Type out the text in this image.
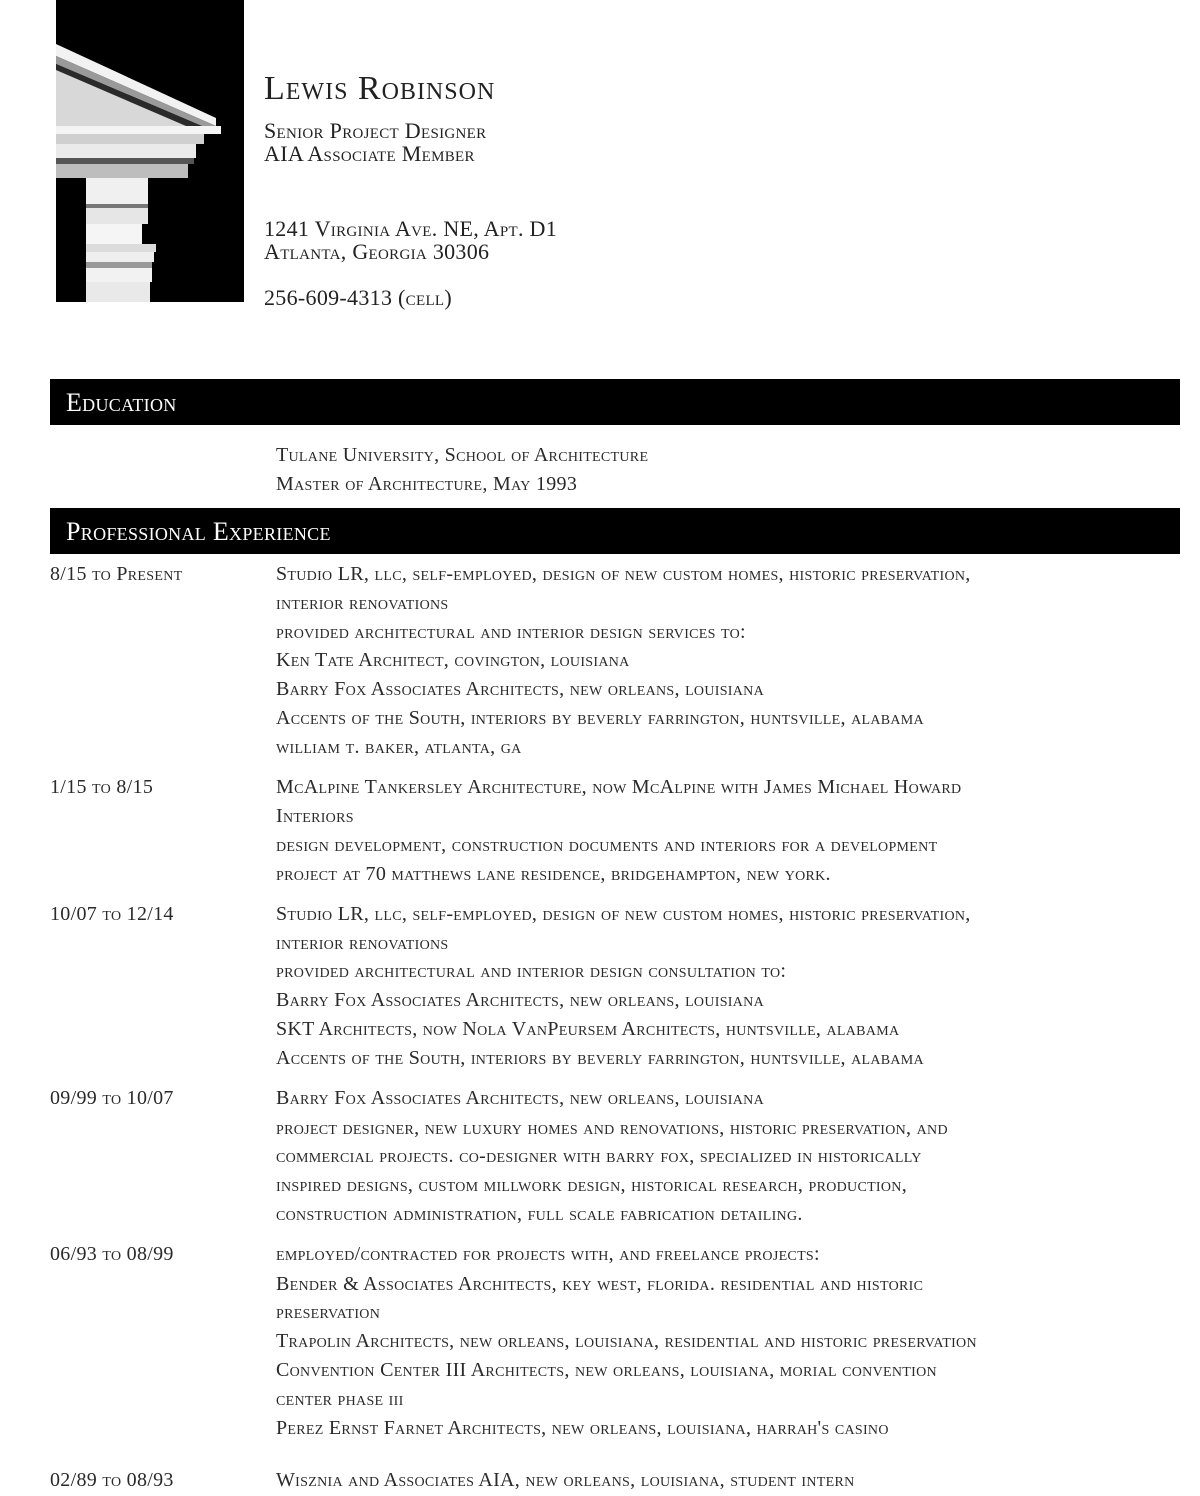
Lewis Robinson
Senior Project Designer
AIA Associate Member
1241 Virginia Ave. NE, Apt. D1
Atlanta, Georgia 30306
256-609-4313 (cell)
Education
Tulane University, School of Architecture
Master of Architecture, May 1993
Professional Experience
8/15 to Present	Studio LR, llc, self-employed, design of new custom homes, historic preservation,
interior renovations
provided architectural and interior design services to:
Ken Tate Architect, covington, louisiana
Barry Fox Associates Architects, new orleans, louisiana
Accents of the South, interiors by beverly farrington, huntsville, alabama
william t. baker, atlanta, ga
1/15 to 8/15	McAlpine Tankersley Architecture, now McAlpine with James Michael Howard
Interiors
design development, construction documents and interiors for a development
project at 70 matthews lane residence, bridgehampton, new york.
10/07 to 12/14	Studio LR, llc, self-employed, design of new custom homes, historic preservation,
interior renovations
provided architectural and interior design consultation to:
Barry Fox Associates Architects, new orleans, louisiana
SKT Architects, now Nola VanPeursem Architects, huntsville, alabama
Accents of the South, interiors by beverly farrington, huntsville, alabama
09/99 to 10/07	Barry Fox Associates Architects, new orleans, louisiana
project designer, new luxury homes and renovations, historic preservation, and
commercial projects. co-designer with barry fox, specialized in historically
inspired designs, custom millwork design, historical research, production,
construction administration, full scale fabrication detailing.
06/93 to 08/99	employed/contracted for projects with, and freelance projects:
Bender & Associates Architects, key west, florida. residential and historic
preservation
Trapolin Architects, new orleans, louisiana, residential and historic preservation
Convention Center III Architects, new orleans, louisiana, morial convention
center phase iii
Perez Ernst Farnet Architects, new orleans, louisiana, harrah's casino
02/89 to 08/93	Wisznia and Associates AIA, new orleans, louisiana, student intern
